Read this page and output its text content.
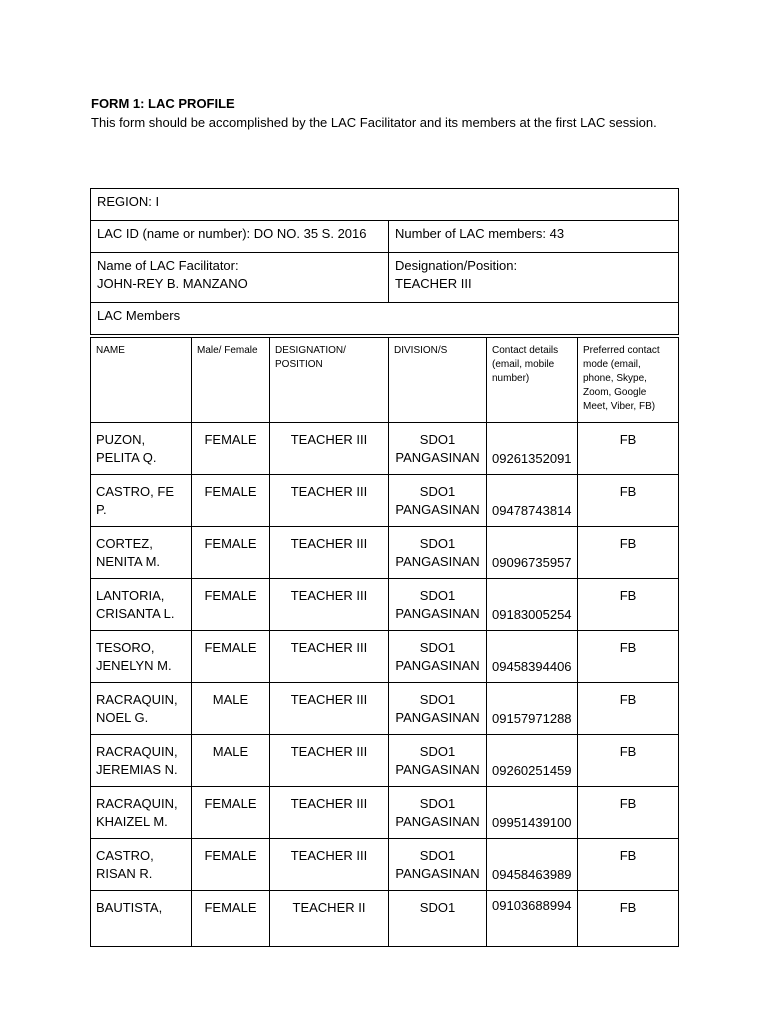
FORM 1: LAC PROFILE
This form should be accomplished by the LAC Facilitator and its members at the first LAC session.
REGION: I	
LAC ID (name or number): DO NO. 35 S. 2016	Number of LAC members: 43

Name of LAC Facilitator:
JOHN-REY B. MANZANO	Designation/Position:
TEACHER III

LAC Members	
NAME	Male/ Female	DESIGNATION/ POSITION	DIVISION/S	Contact details (email, mobile number)	Preferred contact mode (email, phone, Skype, Zoom, Google Meet, Viber, FB)

PUZON,
PELITA Q.	FEMALE	TEACHER III	SDO1
PANGASINAN	09261352091	FB

CASTRO, FE P.	FEMALE	TEACHER III	SDO1
PANGASINAN	09478743814	FB

CORTEZ,
NENITA M.	FEMALE	TEACHER III	SDO1
PANGASINAN	09096735957	FB

LANTORIA,
CRISANTA L.	FEMALE	TEACHER III	SDO1
PANGASINAN	09183005254	FB

TESORO,
JENELYN M.	FEMALE	TEACHER III	SDO1
PANGASINAN	09458394406	FB

RACRAQUIN,
NOEL G.	MALE	TEACHER III	SDO1
PANGASINAN	09157971288	FB

RACRAQUIN,
JEREMIAS N.	MALE	TEACHER III	SDO1
PANGASINAN	09260251459	FB

RACRAQUIN,
KHAIZEL M.	FEMALE	TEACHER III	SDO1
PANGASINAN	09951439100	FB

CASTRO,
RISAN R.	FEMALE	TEACHER III	SDO1
PANGASINAN	09458463989	FB

BAUTISTA,	FEMALE	TEACHER II	SDO1	09103688994	FB
